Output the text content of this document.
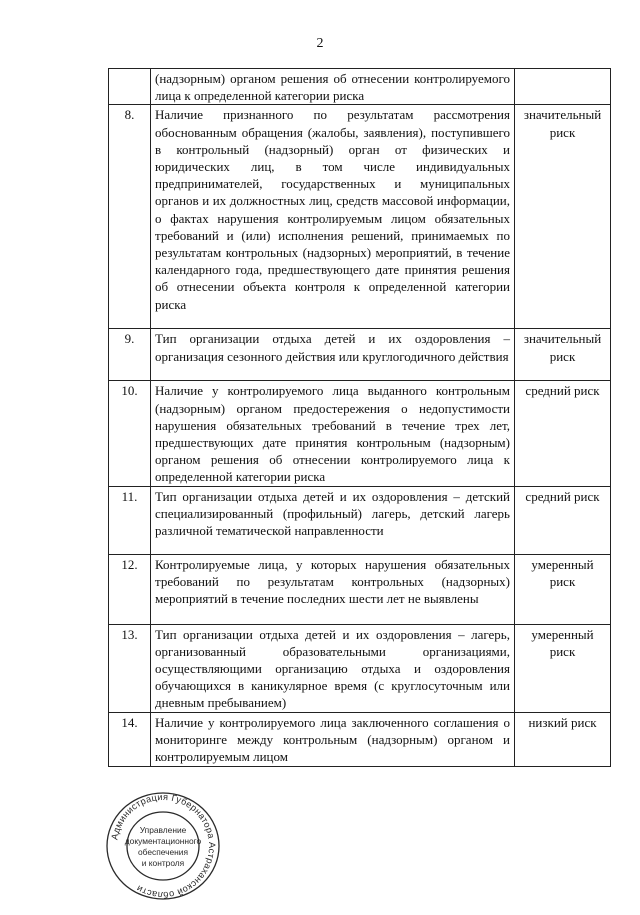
2
	(надзорным) органом решения об отнесении контролируемого лица к определенной категории риска	
8.	Наличие признанного по результатам рассмотрения обоснованным обращения (жалобы, заявления), поступившего в контрольный (надзорный) орган от физических и юридических лиц, в том числе индивидуальных предпринимателей, государственных и муниципальных органов и их должностных лиц, средств массовой информации, о фактах нарушения контролируемым лицом обязательных требований и (или) исполнения решений, принимаемых по результатам контрольных (надзорных) мероприятий, в течение календарного года, предшествующего дате принятия решения об отнесении объекта контроля к определенной категории риска	значительный риск
9.	Тип организации отдыха детей и их оздоровления – организация сезонного действия или круглогодичного действия	значительный риск
10.	Наличие у контролируемого лица выданного контрольным (надзорным) органом предостережения о недопустимости нарушения обязательных требований в течение трех лет, предшествующих дате принятия контрольным (надзорным) органом решения об отнесении контролируемого лица к определенной категории риска	средний риск
11.	Тип организации отдыха детей и их оздоровления – детский специализированный (профильный) лагерь, детский лагерь различной тематической направленности	средний риск
12.	Контролируемые лица, у которых нарушения обязательных требований по результатам контрольных (надзорных) мероприятий в течение последних шести лет не выявлены	умеренный риск
13.	Тип организации отдыха детей и их оздоровления – лагерь, организованный образовательными организациями, осуществляющими организацию отдыха и оздоровления обучающихся в каникулярное время (с круглосуточным или дневным пребыванием)	умеренный риск
14.	Наличие у контролируемого лица заключенного соглашения о мониторинге между контрольным (надзорным) органом и контролируемым лицом	низкий риск
Администрация Губернатора Астраханской области
Управление
документационного
обеспечения
и контроля
